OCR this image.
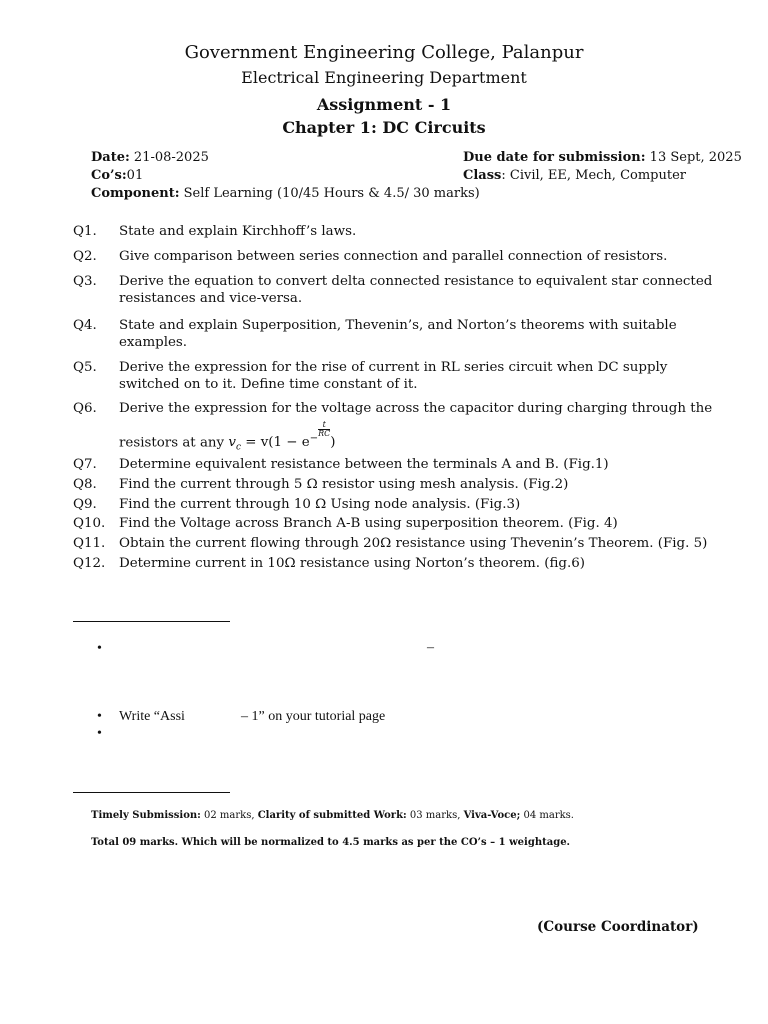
Government Engineering College, Palanpur
Electrical Engineering Department
Assignment - 1
Chapter 1: DC Circuits
Date: 21-08-2025
Co’s:01
Component: Self Learning (10/45 Hours & 4.5/ 30 marks)
Due date for submission: 13 Sept, 2025
Class: Civil, EE, Mech, Computer
Q1. State and explain Kirchhoff’s laws.
Q2. Give comparison between series connection and parallel connection of resistors.
Q3. Derive the equation to convert delta connected resistance to equivalent star connected resistances and vice-versa.
Q4. State and explain Superposition, Thevenin’s, and Norton’s theorems with suitable examples.
Q5. Derive the expression for the rise of current in RL series circuit when DC supply switched on to it. Define time constant of it.
Q6. Derive the expression for the voltage across the capacitor during charging through the resistors at any $v_c = v(1 - e^{-\frac{t}{RC}}$
)
Q7. Determine equivalent resistance between the terminals A and B. (Fig.1)
Q8. Find the current through 5 Ω resistor using mesh analysis. (Fig.2)
Q9. Find the current through 10 Ω Using node analysis. (Fig.3)
Q10. Find the Voltage across Branch A-B using superposition theorem. (Fig. 4)
Q11. Obtain the current flowing through 20Ω resistance using Thevenin’s Theorem. (Fig. 5)
Q12. Determine current in 10Ω resistance using Norton’s theorem. (fig.6)
•	–
• Write “Assi	– 1” on your tutorial page
•
Timely Submission: 02 marks, Clarity of submitted Work: 03 marks, Viva-Voce; 04 marks.
Total 09 marks. Which will be normalized to 4.5 marks as per the CO’s – 1 weightage.
(Course Coordinator)
